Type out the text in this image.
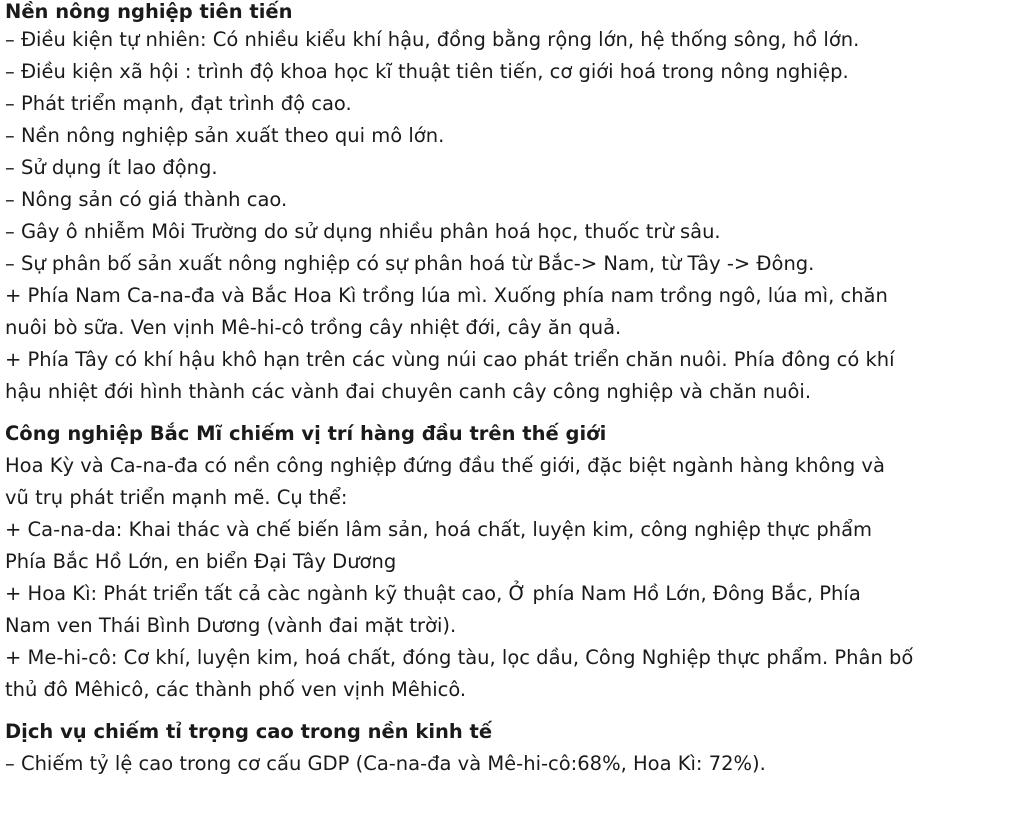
Nền nông nghiệp tiên tiến
– Điều kiện tự nhiên: Có nhiều kiểu khí hậu, đồng bằng rộng lớn, hệ thống sông, hồ lớn.
– Điều kiện xã hội : trình độ khoa học kĩ thuật tiên tiến, cơ giới hoá trong nông nghiệp.
– Phát triển mạnh, đạt trình độ cao.
– Nền nông nghiệp sản xuất theo qui mô lớn.
– Sử dụng ít lao động.
– Nông sản có giá thành cao.
– Gây ô nhiễm Môi Trường do sử dụng nhiều phân hoá học, thuốc trừ sâu.
– Sự phân bố sản xuất nông nghiệp có sự phân hoá từ Bắc-> Nam, từ Tây -> Đông.
+ Phía Nam Ca-na-đa và Bắc Hoa Kì trồng lúa mì. Xuống phía nam trồng ngô, lúa mì, chăn
nuôi bò sữa. Ven vịnh Mê-hi-cô trồng cây nhiệt đới, cây ăn quả.
+ Phía Tây có khí hậu khô hạn trên các vùng núi cao phát triển chăn nuôi. Phía đông có khí
hậu nhiệt đới hình thành các vành đai chuyên canh cây công nghiệp và chăn nuôi.
Công nghiệp Bắc Mĩ chiếm vị trí hàng đầu trên thế giới
Hoa Kỳ và Ca-na-đa có nền công nghiệp đứng đầu thế giới, đặc biệt ngành hàng không và
vũ trụ phát triển mạnh mẽ. Cụ thể:
+ Ca-na-da: Khai thác và chế biến lâm sản, hoá chất, luyện kim, công nghiệp thực phẩm
Phía Bắc Hồ Lớn, en biển Đại Tây Dương
+ Hoa Kì: Phát triển tất cả càc ngành kỹ thuật cao, Ở phía Nam Hồ Lớn, Đông Bắc, Phía
Nam ven Thái Bình Dương (vành đai mặt trời).
+ Me-hi-cô: Cơ khí, luyện kim, hoá chất, đóng tàu, lọc dầu, Công Nghiệp thực phẩm. Phân bố
thủ đô Mêhicô, các thành phố ven vịnh Mêhicô.
Dịch vụ chiếm tỉ trọng cao trong nền kinh tế
– Chiếm tỷ lệ cao trong cơ cấu GDP (Ca-na-đa và Mê-hi-cô:68%, Hoa Kì: 72%).
